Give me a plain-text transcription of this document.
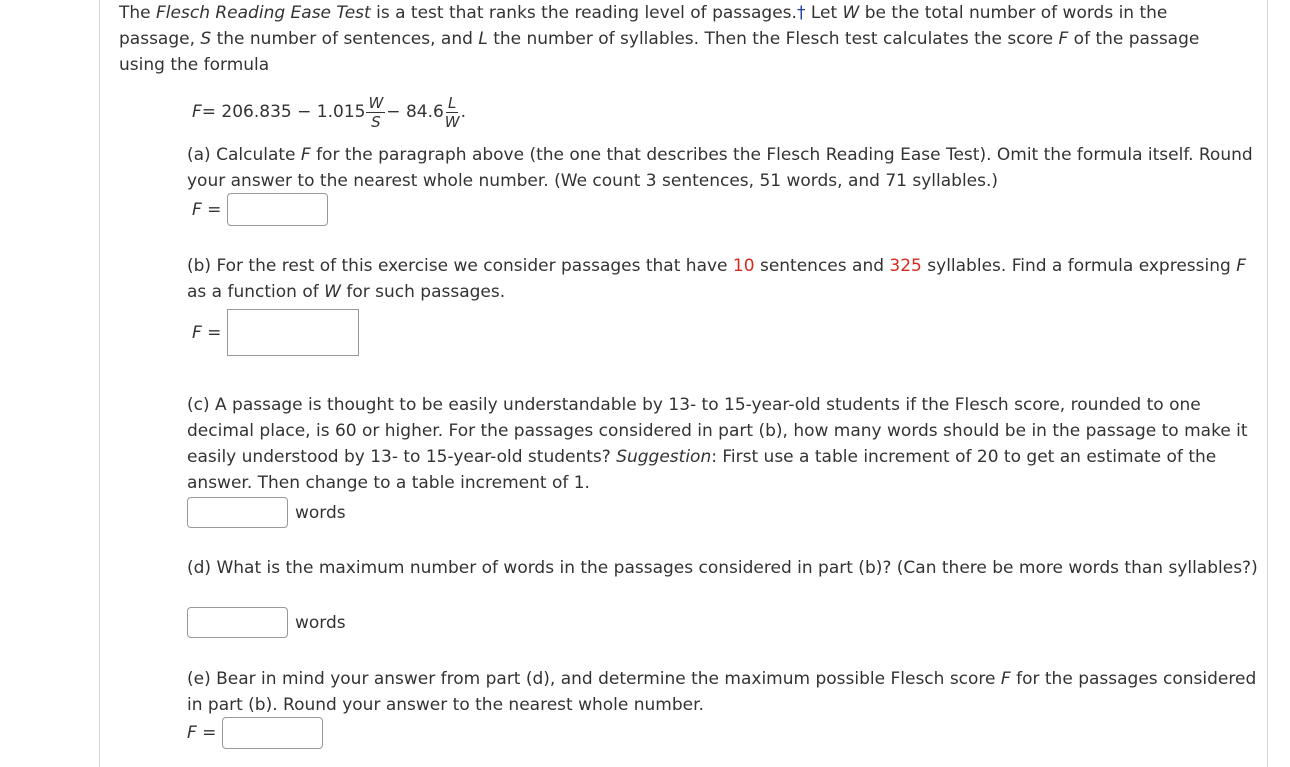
The Flesch Reading Ease Test is a test that ranks the reading level of passages.† Let W be the total number of words in the passage, S the number of sentences, and L the number of syllables. Then the Flesch test calculates the score F of the passage using the formula
$F = 206.835 - 1.015 \frac{W}{S} - 84.6 \frac{L}{W}$ .
(a) Calculate F for the paragraph above (the one that describes the Flesch Reading Ease Test). Omit the formula itself. Round your answer to the nearest whole number. (We count 3 sentences, 51 words, and 71 syllables.)
F =
(b) For the rest of this exercise we consider passages that have 10 sentences and 325 syllables. Find a formula expressing F as a function of W for such passages.
F =
(c) A passage is thought to be easily understandable by 13- to 15-year-old students if the Flesch score, rounded to one decimal place, is 60 or higher. For the passages considered in part (b), how many words should be in the passage to make it easily understood by 13- to 15-year-old students? Suggestion: First use a table increment of 20 to get an estimate of the answer. Then change to a table increment of 1.
words
(d) What is the maximum number of words in the passages considered in part (b)? (Can there be more words than syllables?)
words
(e) Bear in mind your answer from part (d), and determine the maximum possible Flesch score F for the passages considered in part (b). Round your answer to the nearest whole number.
F =
